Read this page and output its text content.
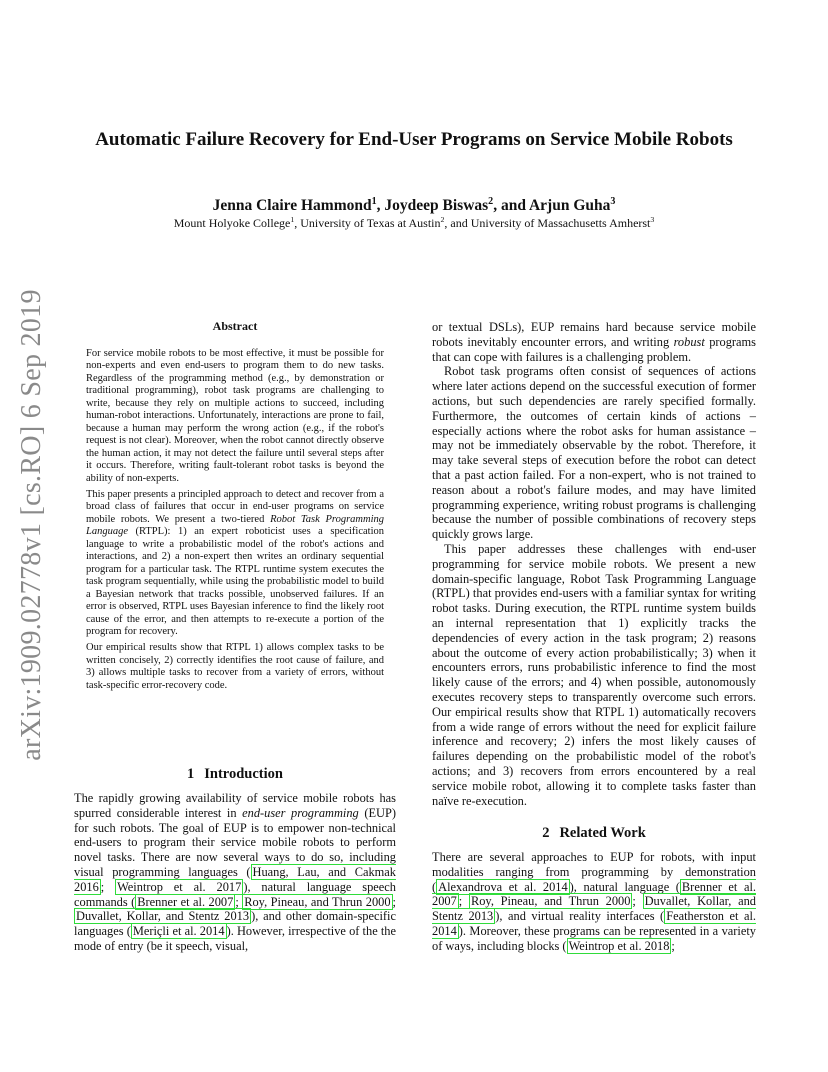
arXiv:1909.02778v1 [cs.RO] 6 Sep 2019
Automatic Failure Recovery for End-User Programs on Service Mobile Robots
Jenna Claire Hammond$^1$, Joydeep Biswas$^2$, and Arjun Guha$^3$
Mount Holyoke College$^1$, University of Texas at Austin$^2$, and University of Massachusetts Amherst$^3$
Abstract

For service mobile robots to be most effective, it must be possible for non-experts and even end-users to program them to do new tasks. Regardless of the programming method (e.g., by demonstration or traditional programming), robot task programs are challenging to write, because they rely on multiple actions to succeed, including human-robot interactions. Unfortunately, interactions are prone to fail, because a human may perform the wrong action (e.g., if the robot's request is not clear). Moreover, when the robot cannot directly observe the human action, it may not detect the failure until several steps after it occurs. Therefore, writing fault-tolerant robot tasks is beyond the ability of non-experts.

This paper presents a principled approach to detect and recover from a broad class of failures that occur in end-user programs on service mobile robots. We present a two-tiered Robot Task Programming Language (RTPL): 1) an expert roboticist uses a specification language to write a probabilistic model of the robot's actions and interactions, and 2) a non-expert then writes an ordinary sequential program for a particular task. The RTPL runtime system executes the task program sequentially, while using the probabilistic model to build a Bayesian network that tracks possible, unobserved failures. If an error is observed, RTPL uses Bayesian inference to find the likely root cause of the error, and then attempts to re-execute a portion of the program for recovery.

Our empirical results show that RTPL 1) allows complex tasks to be written concisely, 2) correctly identifies the root cause of failure, and 3) allows multiple tasks to recover from a variety of errors, without task-specific error-recovery code.

1 Introduction

The rapidly growing availability of service mobile robots has spurred considerable interest in end-user programming (EUP) for such robots. The goal of EUP is to empower non-technical end-users to program their service mobile robots to perform novel tasks. There are now several ways to do so, including visual programming languages ( Huang, Lau, and Cakmak 2016 ; Weintrop et al. 2017 ), natural language speech commands ( Brenner et al. 2007 ; Roy, Pineau, and Thrun 2000 ; Duvallet, Kollar, and Stentz 2013 ), and other domain-specific languages ( Meriçli et al. 2014 ). However, irrespective of the the mode of entry (be it speech, visual,

or textual DSLs), EUP remains hard because service mobile robots inevitably encounter errors, and writing robust programs that can cope with failures is a challenging problem.

Robot task programs often consist of sequences of actions where later actions depend on the successful execution of former actions, but such dependencies are rarely specified formally. Furthermore, the outcomes of certain kinds of actions – especially actions where the robot asks for human assistance – may not be immediately observable by the robot. Therefore, it may take several steps of execution before the robot can detect that a past action failed. For a non-expert, who is not trained to reason about a robot's failure modes, and may have limited programming experience, writing robust programs is challenging because the number of possible combinations of recovery steps quickly grows large.

This paper addresses these challenges with end-user programming for service mobile robots. We present a new domain-specific language, Robot Task Programming Language (RTPL) that provides end-users with a familiar syntax for writing robot tasks. During execution, the RTPL runtime system builds an internal representation that 1) explicitly tracks the dependencies of every action in the task program; 2) reasons about the outcome of every action probabilistically; 3) when it encounters errors, runs probabilistic inference to find the most likely cause of the errors; and 4) when possible, autonomously executes recovery steps to transparently overcome such errors. Our empirical results show that RTPL 1) automatically recovers from a wide range of errors without the need for explicit failure inference and recovery; 2) infers the most likely causes of failures depending on the probabilistic model of the robot's actions; and 3) recovers from errors encountered by a real service mobile robot, allowing it to complete tasks faster than naïve re-execution.

2 Related Work

There are several approaches to EUP for robots, with input modalities ranging from programming by demonstration ( Alexandrova et al. 2014 ), natural language ( Brenner et al. 2007 ; Roy, Pineau, and Thrun 2000 ; Duvallet, Kollar, and Stentz 2013 ), and virtual reality interfaces ( Featherston et al. 2014 ). Moreover, these programs can be represented in a variety of ways, including blocks ( Weintrop et al. 2018 ;
